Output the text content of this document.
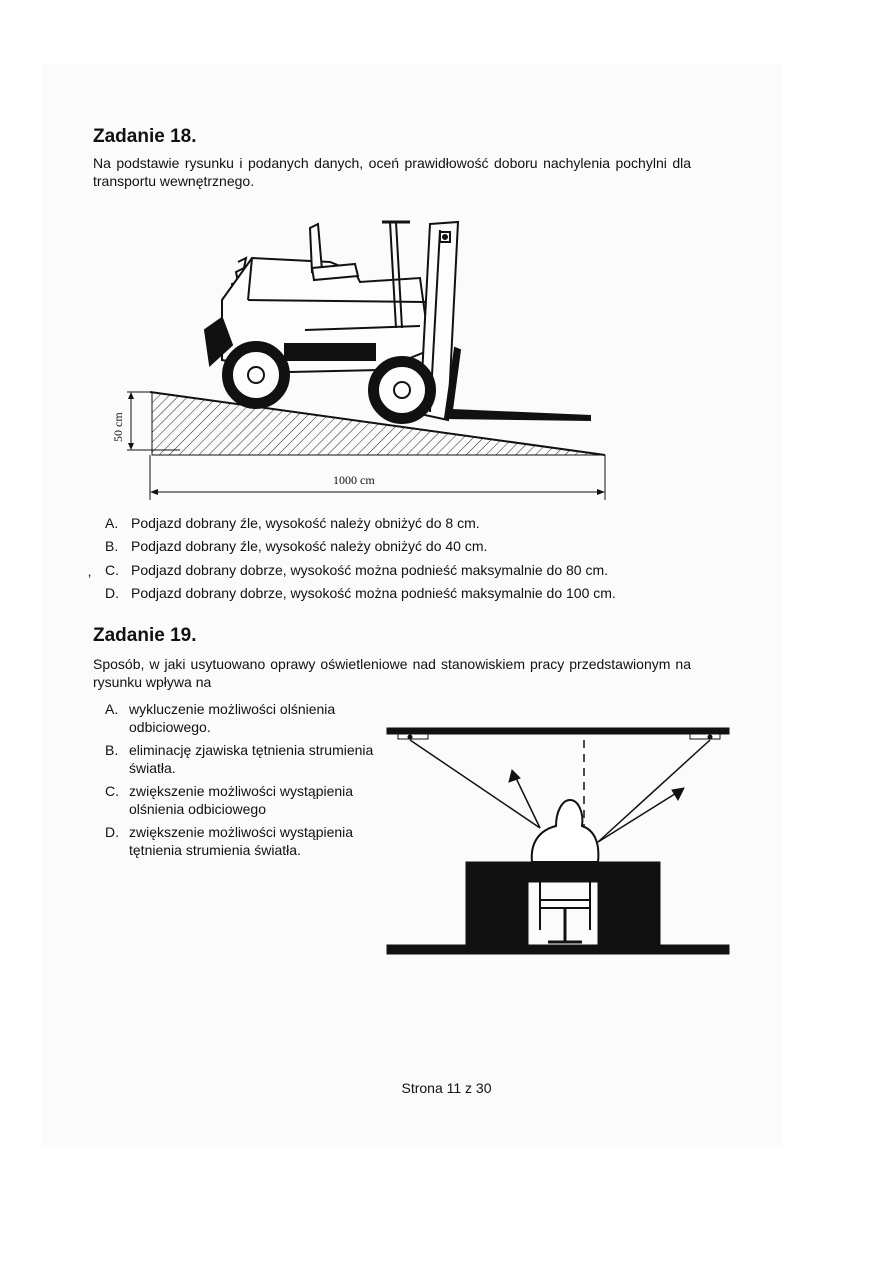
Zadanie 18.

Na podstawie rysunku i podanych danych, oceń prawidłowość doboru nachylenia pochylni dla transportu wewnętrznego.

50 cm
1000 cm
A. Podjazd dobrany źle, wysokość należy obniżyć do 8 cm.
B. Podjazd dobrany źle, wysokość należy obniżyć do 40 cm.
‚ C. Podjazd dobrany dobrze, wysokość można podnieść maksymalnie do 80 cm.
D. Podjazd dobrany dobrze, wysokość można podnieść maksymalnie do 100 cm.
Zadanie 19.

Sposób, w jaki usytuowano oprawy oświetleniowe nad stanowiskiem pracy przedstawionym na rysunku wpływa na

A. wykluczenie możliwości olśnienia odbiciowego.
B. eliminację zjawiska tętnienia strumienia światła.
C. zwiększenie możliwości wystąpienia olśnienia odbiciowego
D. zwiększenie możliwości wystąpienia tętnienia strumienia światła.
Strona 11 z 30
